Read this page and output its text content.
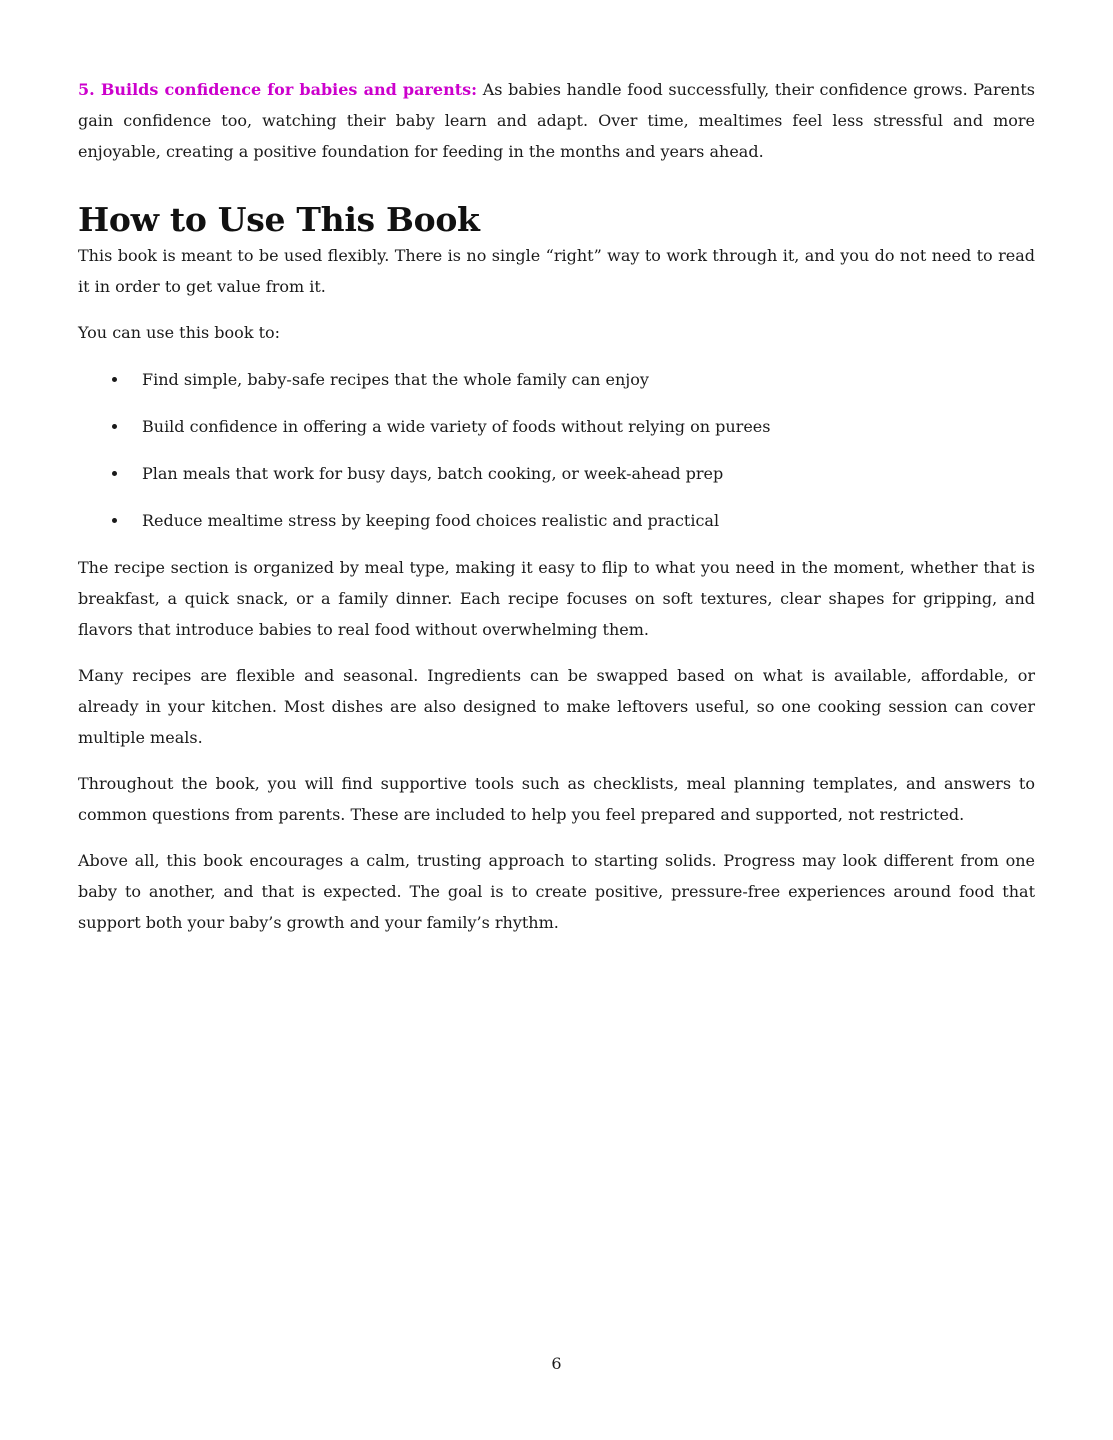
5. Builds confidence for babies and parents: As babies handle food successfully, their confidence grows. Parents gain confidence too, watching their baby learn and adapt. Over time, mealtimes feel less stressful and more enjoyable, creating a positive foundation for feeding in the months and years ahead.

How to Use This Book

This book is meant to be used flexibly. There is no single “right” way to work through it, and you do not need to read it in order to get value from it.

You can use this book to:

Find simple, baby-safe recipes that the whole family can enjoy
Build confidence in offering a wide variety of foods without relying on purees
Plan meals that work for busy days, batch cooking, or week-ahead prep
Reduce mealtime stress by keeping food choices realistic and practical

The recipe section is organized by meal type, making it easy to flip to what you need in the moment, whether that is breakfast, a quick snack, or a family dinner. Each recipe focuses on soft textures, clear shapes for gripping, and flavors that introduce babies to real food without overwhelming them.

Many recipes are flexible and seasonal. Ingredients can be swapped based on what is available, affordable, or already in your kitchen. Most dishes are also designed to make leftovers useful, so one cooking session can cover multiple meals.

Throughout the book, you will find supportive tools such as checklists, meal planning templates, and answers to common questions from parents. These are included to help you feel prepared and supported, not restricted.

Above all, this book encourages a calm, trusting approach to starting solids. Progress may look different from one baby to another, and that is expected. The goal is to create positive, pressure-free experiences around food that support both your baby’s growth and your family’s rhythm.

6
